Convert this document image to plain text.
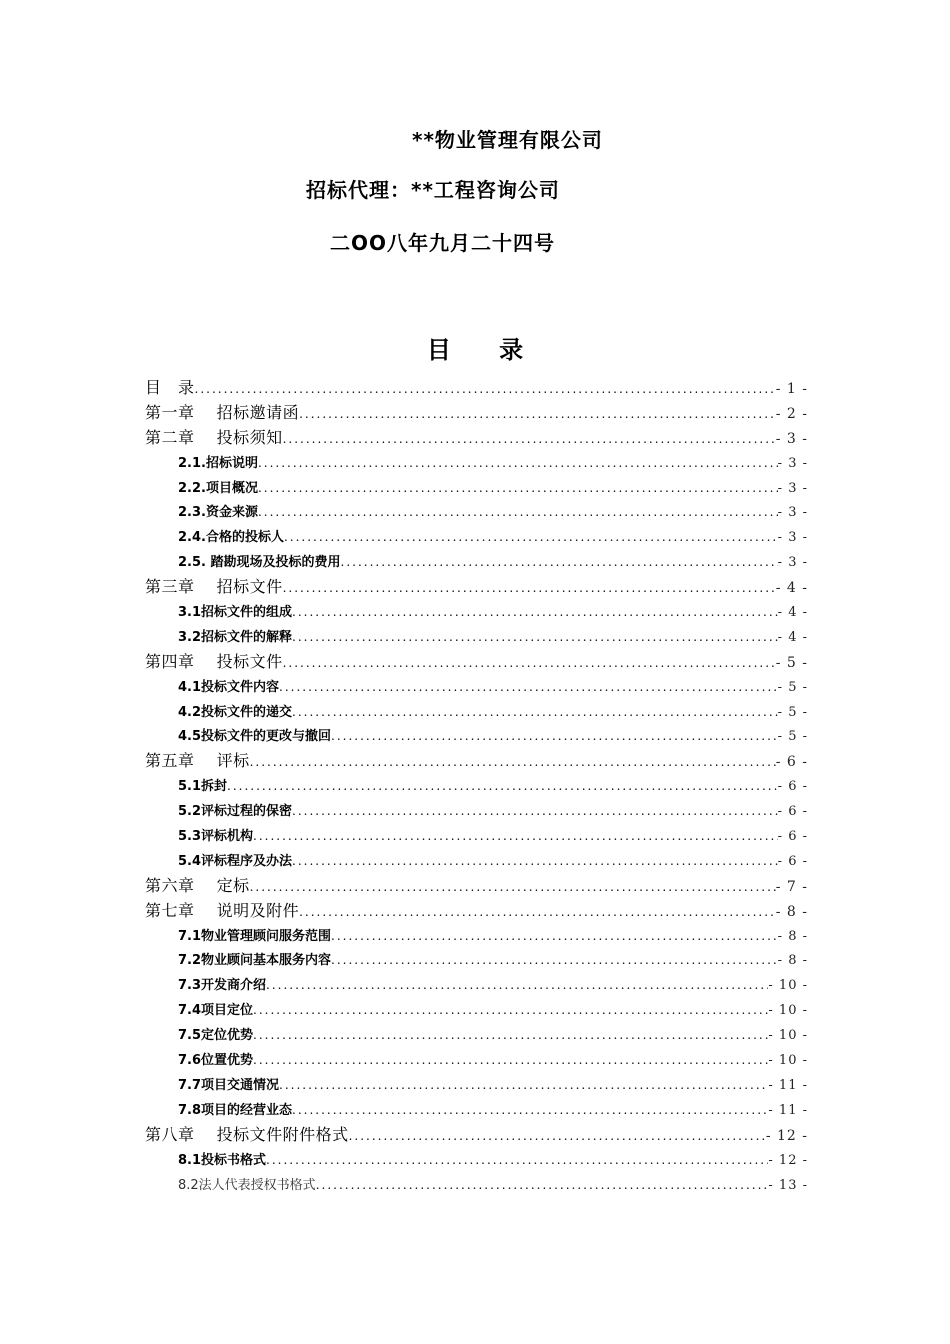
**物业管理有限公司
招标代理：**工程咨询公司
二OO八年九月二十四号
目 录
目　录 .....	- 1 -
第一章　 招标邀请函 .....	- 2 -
第二章　 投标须知 .....	- 3 -
2.1.招标说明 .....	- 3 -
2.2.项目概况 .....	- 3 -
2.3.资金来源 .....	- 3 -
2.4.合格的投标人 .....	- 3 -
2.5. 踏勘现场及投标的费用 .....	- 3 -
第三章　 招标文件 .....	- 4 -
3.1招标文件的组成 .....	- 4 -
3.2招标文件的解释 .....	- 4 -
第四章　 投标文件 .....	- 5 -
4.1投标文件内容 .....	- 5 -
4.2投标文件的递交 .....	- 5 -
4.5投标文件的更改与撤回 .....	- 5 -
第五章　 评标 .....	- 6 -
5.1拆封 .....	- 6 -
5.2评标过程的保密 .....	- 6 -
5.3评标机构 .....	- 6 -
5.4评标程序及办法 .....	- 6 -
第六章　 定标 .....	- 7 -
第七章　 说明及附件 .....	- 8 -
7.1物业管理顾问服务范围 .....	- 8 -
7.2物业顾问基本服务内容 .....	- 8 -
7.3开发商介绍 .....	- 10 -
7.4项目定位 .....	- 10 -
7.5定位优势 .....	- 10 -
7.6位置优势 .....	- 10 -
7.7项目交通情况 .....	- 11 -
7.8项目的经营业态 .....	- 11 -
第八章　 投标文件附件格式 .....	- 12 -
8.1投标书格式 .....	- 12 -
8.2法人代表授权书格式 .....	- 13 -
